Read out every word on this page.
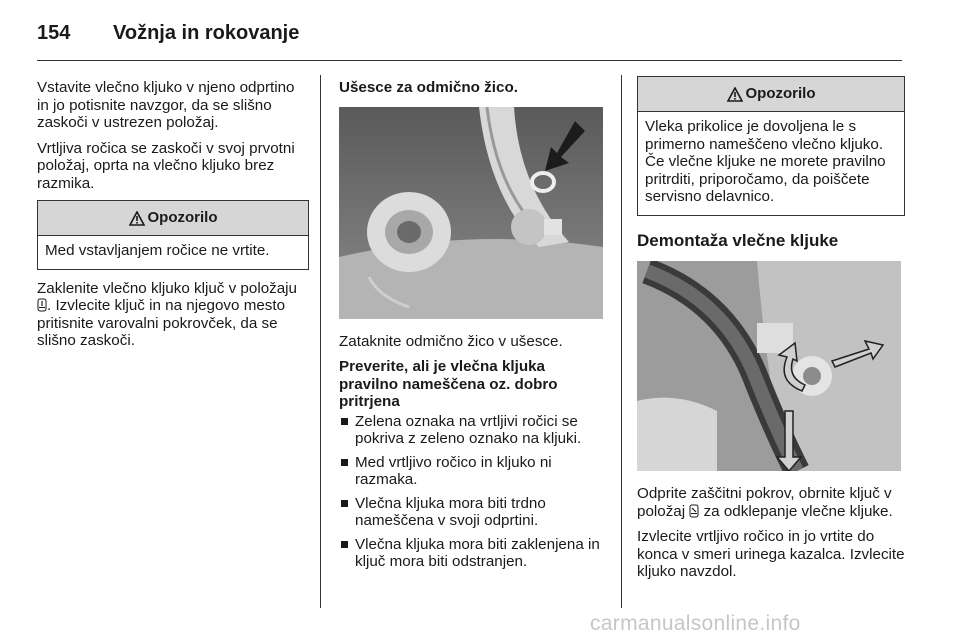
154 Vožnja in rokovanje

Vstavite vlečno kljuko v njeno odprtino in jo potisnite navzgor, da se slišno zaskoči v ustrezen položaj.

Vrtljiva ročica se zaskoči v svoj prvotni položaj, oprta na vlečno kljuko brez razmika.

Opozorilo
Med vstavljanjem ročice ne vrtite.

Zaklenite vlečno kljuko ključ v položaju . Izvlecite ključ in na njegovo mesto pritisnite varovalni pokrovček, da se slišno zaskoči.

Ušesce za odmično žico.

Zataknite odmično žico v ušesce.

Preverite, ali je vlečna kljuka pravilno nameščena oz. dobro pritrjena
Zelena oznaka na vrtljivi ročici se pokriva z zeleno oznako na kljuki.
Med vrtljivo ročico in kljuko ni razmaka.
Vlečna kljuka mora biti trdno nameščena v svoji odprtini.
Vlečna kljuka mora biti zaklenjena in ključ mora biti odstranjen.
Opozorilo
Vleka prikolice je dovoljena le s primerno nameščeno vlečno kljuko. Če vlečne kljuke ne morete pravilno pritrditi, priporočamo, da poiščete servisno delavnico.
Demontaža vlečne kljuke

Odprite zaščitni pokrov, obrnite ključ v položaj  za odklepanje vlečne kljuke.

Izvlecite vrtljivo ročico in jo vrtite do konca v smeri urinega kazalca. Izvlecite kljuko navzdol.

carmanualsonline.info
